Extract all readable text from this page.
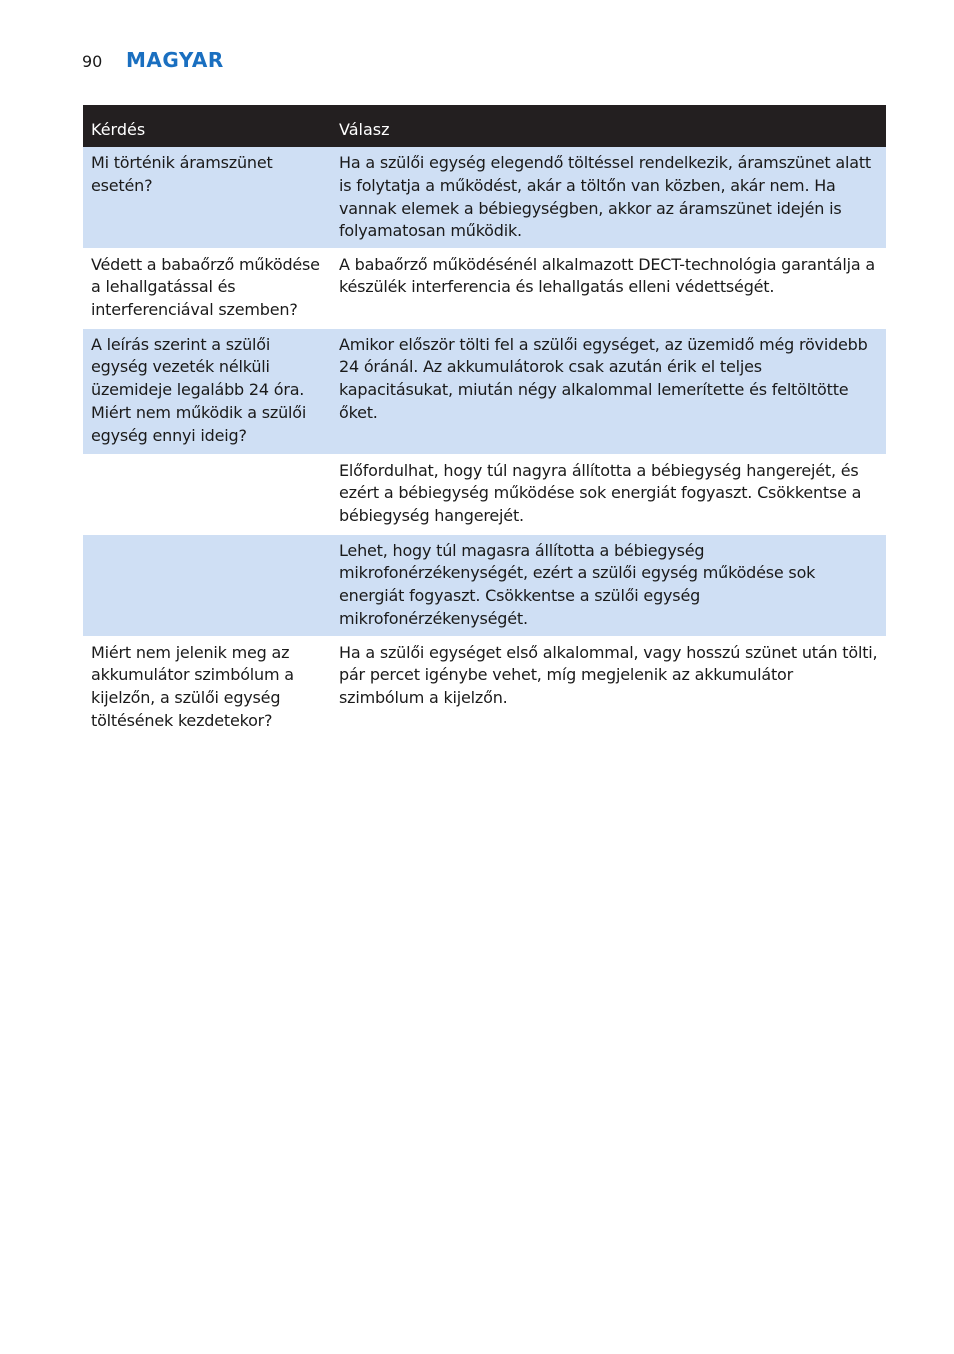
90	MAGYAR
Kérdés	Válasz
Mi történik áramszünet esetén?	Ha a szülői egység elegendő töltéssel rendelkezik, áramszünet alatt is folytatja a működést, akár a töltőn van közben, akár nem. Ha vannak elemek a bébiegységben, akkor az áramszünet idején is folyamatosan működik.
Védett a babaőrző működése a lehallgatással és interferenciával szemben?	A babaőrző működésénél alkalmazott DECT-technológia garantálja a készülék interferencia és lehallgatás elleni védettségét.
A leírás szerint a szülői egység vezeték nélküli üzemideje legalább 24 óra. Miért nem működik a szülői egység ennyi ideig?	Amikor először tölti fel a szülői egységet, az üzemidő még rövidebb 24 óránál. Az akkumulátorok csak azután érik el teljes kapacitásukat, miután négy alkalommal lemerítette és feltöltötte őket.
	Előfordulhat, hogy túl nagyra állította a bébiegység hangerejét, és ezért a bébiegység működése sok energiát fogyaszt. Csökkentse a bébiegység hangerejét.
	Lehet, hogy túl magasra állította a bébiegység mikrofonérzékenységét, ezért a szülői egység működése sok energiát fogyaszt. Csökkentse a szülői egység mikrofonérzékenységét.
Miért nem jelenik meg az akkumulátor szimbólum a kijelzőn, a szülői egység töltésének kezdetekor?	Ha a szülői egységet első alkalommal, vagy hosszú szünet után tölti, pár percet igénybe vehet, míg megjelenik az akkumulátor szimbólum a kijelzőn.
